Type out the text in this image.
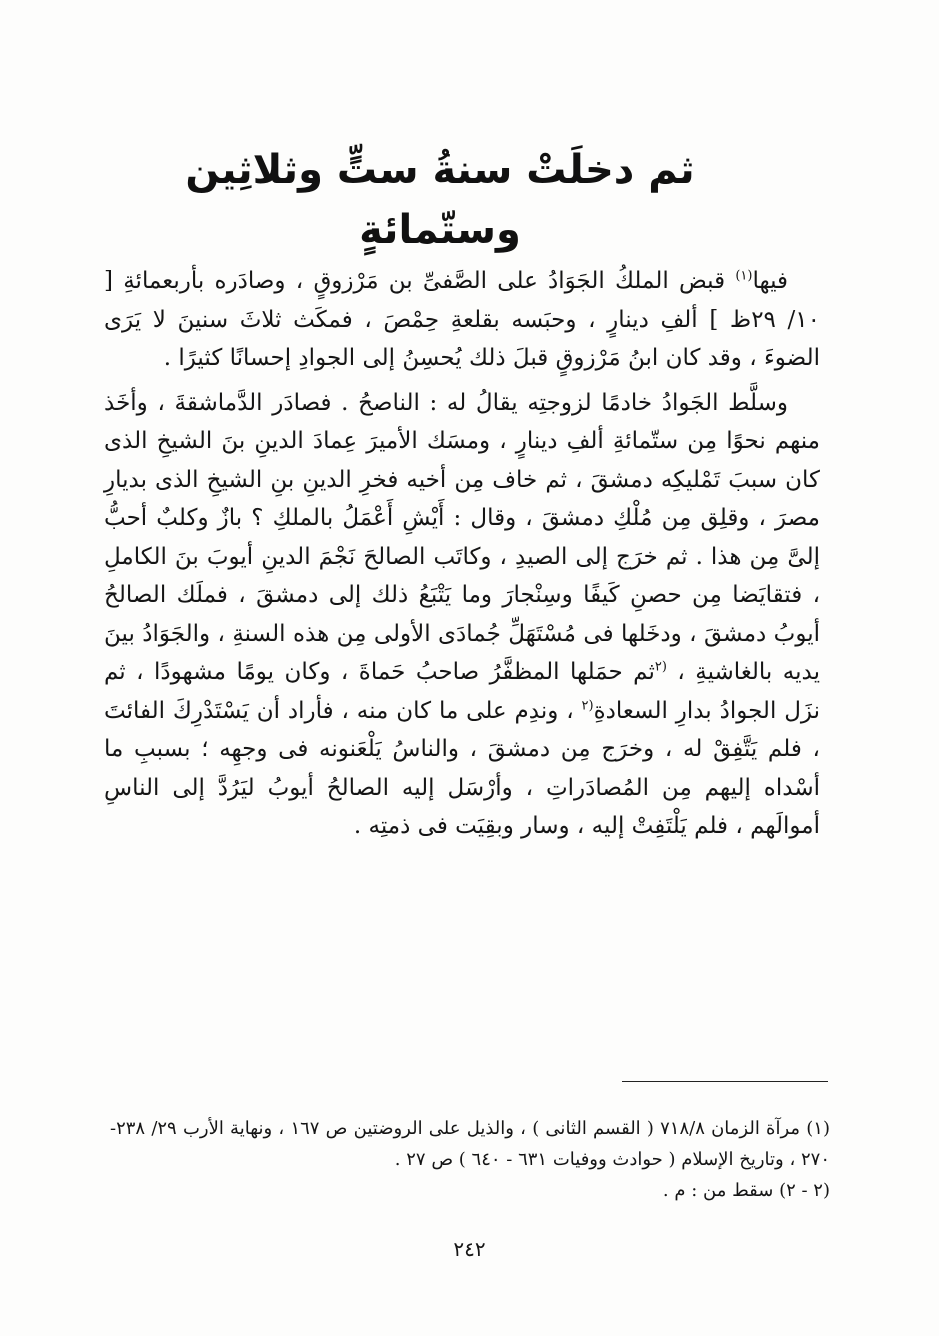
ثم دخلَتْ سنةُ ستٍّ وثلاثِين وستّمائةٍ

فيها$^{(١)}$ قبض الملكُ الجَوَادُ على الصَّفىِّ بن مَرْزوقٍ ، وصادَره بأربعمائةِ [ ١٠/ ٢٩ظ ] ألفِ دينارٍ ، وحبَسه بقلعةِ حِمْصَ ، فمكَث ثلاثَ سنينَ لا يَرَى الضوءَ ، وقد كان ابنُ مَرْزوقٍ قبلَ ذلك يُحسِنُ إلى الجوادِ إحسانًا كثيرًا .

وسلَّط الجَوادُ خادمًا لزوجتِه يقالُ له : الناصحُ . فصادَر الدَّماشقةَ ، وأخَذ منهم نحوًا مِن ستّمائةِ ألفِ دينارٍ ، ومسَك الأميرَ عِمادَ الدينِ بنَ الشيخِ الذى كان سببَ تَمْليكِه دمشقَ ، ثم خاف مِن أخيه فخرِ الدينِ بنِ الشيخِ الذى بديارِ مصرَ ، وقلِق مِن مُلْكِ دمشقَ ، وقال : أَيْشِ أَعْمَلُ بالملكِ ؟ بازٌ وكلبٌ أحبُّ إلىَّ مِن هذا . ثم خرَج إلى الصيدِ ، وكاتَب الصالحَ نَجْمَ الدينِ أيوبَ بنَ الكاملِ ، فتقايَضا مِن حصنِ كَيفًا وسِنْجارَ وما يَتْبَعُ ذلك إلى دمشقَ ، فملَك الصالحُ أيوبُ دمشقَ ، ودخَلها فى مُسْتَهَلِّ جُمادَى الأولى مِن هذه السنةِ ، والجَوَادُ بينَ يديه بالغاشيةِ ، $^{(٢}$ثم حمَلها المظفَّرُ صاحبُ حَماةَ ، وكان يومًا مشهودًا ، ثم نزَل الجوادُ بدارِ السعادةِ$^{(٢}$ ، وندِم على ما كان منه ، فأراد أن يَسْتَدْرِكَ الفائتَ ، فلم يَتَّفِقْ له ، وخرَج مِن دمشقَ ، والناسُ يَلْعَنونه فى وجهِه ؛ بسببِ ما أسْداه إليهم مِن المُصادَراتِ ، وأرْسَل إليه الصالحُ أيوبُ ليَرُدَّ إلى الناسِ أموالَهم ، فلم يَلْتَفِتْ إليه ، وسار وبقِيَت فى ذمتِه .

(١) مرآة الزمان ٧١٨/٨ ( القسم الثانى ) ، والذيل على الروضتين ص ١٦٧ ، ونهاية الأرب ٢٩/ ٢٣٨- ٢٧٠ ، وتاريخ الإسلام ( حوادث ووفيات ٦٣١ - ٦٤٠ ) ص ٢٧ .

(٢ - ٢) سقط من : م .

٢٤٢
